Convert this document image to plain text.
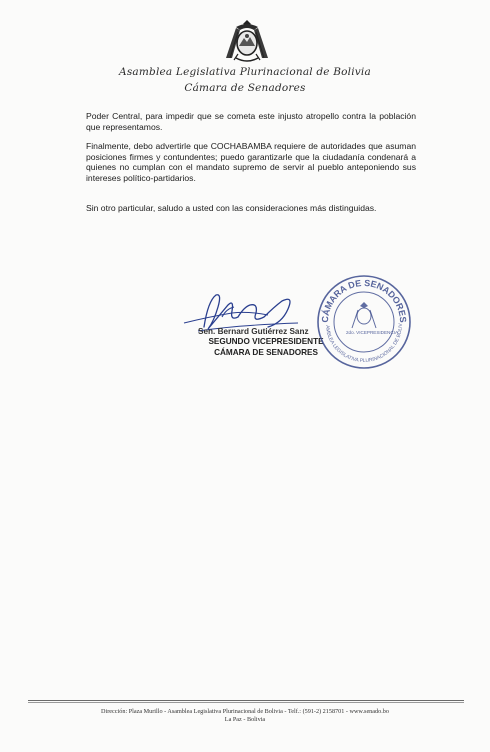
Asamblea Legislativa Plurinacional de Bolivia
Cámara de Senadores

Poder Central, para impedir que se cometa este injusto atropello contra la población que representamos.

Finalmente, debo advertirle que COCHABAMBA requiere de autoridades que asuman posiciones firmes y contundentes; puedo garantizarle que la ciudadanía condenará a quienes no cumplan con el mandato supremo de servir al pueblo anteponiendo sus intereses político-partidarios.

Sin otro particular, saludo a usted con las consideraciones más distinguidas.

Sen. Bernard Gutiérrez Sanz
SEGUNDO VICEPRESIDENTE
CÁMARA DE SENADORES
CÁMARA DE SENADORES
AMBLEA LEGISLATIVA PLURINACIONAL DE BOLIV
2do. VICEPRESIDENCIA
Dirección: Plaza Murillo - Asamblea Legislativa Plurinacional de Bolivia - Telf.: (591-2) 2158701 - www.senado.bo
La Paz - Bolivia
